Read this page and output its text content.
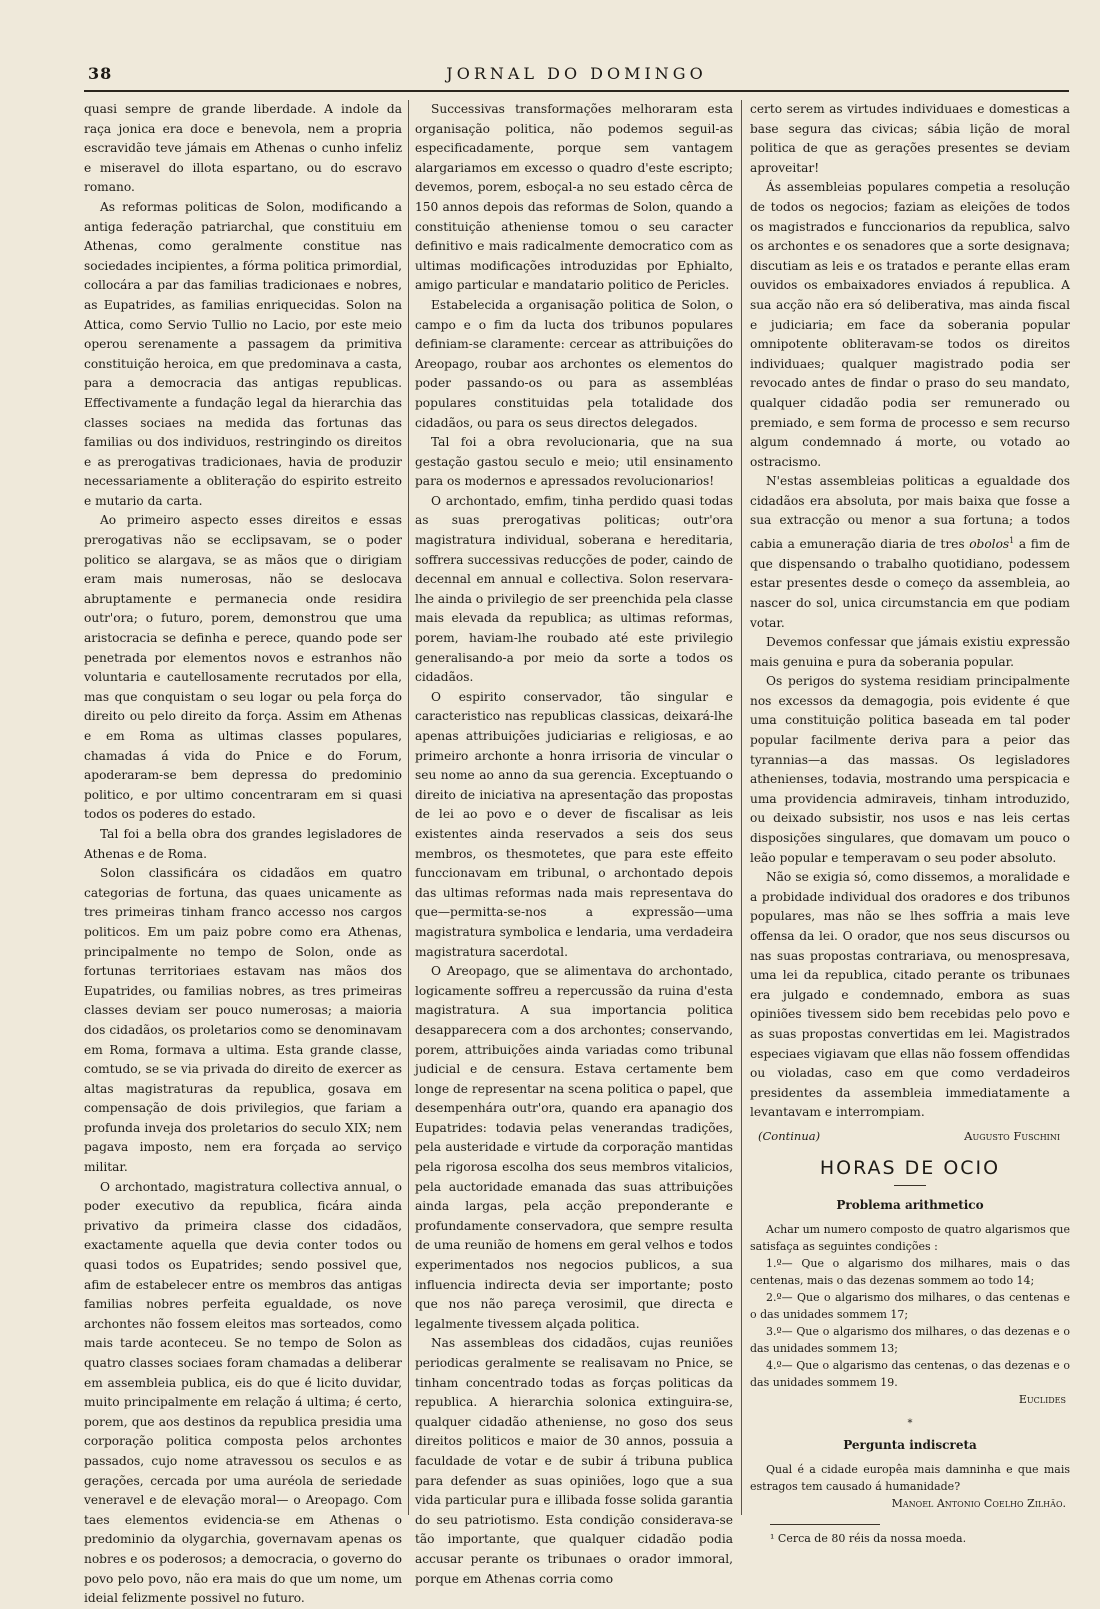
38	JORNAL DO DOMINGO

quasi sempre de grande liberdade. A indole da raça jonica era doce e benevola, nem a propria escravidão teve jámais em Athenas o cunho infeliz e miseravel do illota espartano, ou do escravo romano.

As reformas politicas de Solon, modificando a antiga federação patriarchal, que constituiu em Athenas, como geralmente constitue nas sociedades incipientes, a fórma politica primordial, collocára a par das familias tradicionaes e nobres, as Eupatrides, as familias enriquecidas. Solon na Attica, como Servio Tullio no Lacio, por este meio operou serenamente a passagem da primitiva constituição heroica, em que predominava a casta, para a democracia das antigas republicas. Effectivamente a fundação legal da hierarchia das classes sociaes na medida das fortunas das familias ou dos individuos, restringindo os direitos e as prerogativas tradicionaes, havia de produzir necessariamente a obliteração do espirito estreito e mutario da carta.

Ao primeiro aspecto esses direitos e essas prerogativas não se ecclipsavam, se o poder politico se alargava, se as mãos que o dirigiam eram mais numerosas, não se deslocava abruptamente e permanecia onde residira outr'ora; o futuro, porem, demonstrou que uma aristocracia se definha e perece, quando pode ser penetrada por elementos novos e estranhos não voluntaria e cautellosamente recrutados por ella, mas que conquistam o seu logar ou pela força do direito ou pelo direito da força. Assim em Athenas e em Roma as ultimas classes populares, chamadas á vida do Pnice e do Forum, apoderaram-se bem depressa do predominio politico, e por ultimo concentraram em si quasi todos os poderes do estado.

Tal foi a bella obra dos grandes legisladores de Athenas e de Roma.

Solon classificára os cidadãos em quatro categorias de fortuna, das quaes unicamente as tres primeiras tinham franco accesso nos cargos politicos. Em um paiz pobre como era Athenas, principalmente no tempo de Solon, onde as fortunas territoriaes estavam nas mãos dos Eupatrides, ou familias nobres, as tres primeiras classes deviam ser pouco numerosas; a maioria dos cidadãos, os proletarios como se denominavam em Roma, formava a ultima. Esta grande classe, comtudo, se se via privada do direito de exercer as altas magistraturas da republica, gosava em compensação de dois privilegios, que fariam a profunda inveja dos proletarios do seculo XIX; nem pagava imposto, nem era forçada ao serviço militar.

O archontado, magistratura collectiva annual, o poder executivo da republica, ficára ainda privativo da primeira classe dos cidadãos, exactamente aquella que devia conter todos ou quasi todos os Eupatrides; sendo possivel que, afim de estabelecer entre os membros das antigas familias nobres perfeita egualdade, os nove archontes não fossem eleitos mas sorteados, como mais tarde aconteceu. Se no tempo de Solon as quatro classes sociaes foram chamadas a deliberar em assembleia publica, eis do que é licito duvidar, muito principalmente em relação á ultima; é certo, porem, que aos destinos da republica presidia uma corporação politica composta pelos archontes passados, cujo nome atravessou os seculos e as gerações, cercada por uma auréola de seriedade veneravel e de elevação moral— o Areopago. Com taes elementos evidencia-se em Athenas o predominio da olygarchia, governavam apenas os nobres e os poderosos; a democracia, o governo do povo pelo povo, não era mais do que um nome, um ideial felizmente possivel no futuro.

Successivas transformações melhoraram esta organisação politica, não podemos seguil-as especificadamente, porque sem vantagem alargariamos em excesso o quadro d'este escripto; devemos, porem, esboçal-a no seu estado cêrca de 150 annos depois das reformas de Solon, quando a constituição atheniense tomou o seu caracter definitivo e mais radicalmente democratico com as ultimas modificações introduzidas por Ephialto, amigo particular e mandatario politico de Pericles.

Estabelecida a organisação politica de Solon, o campo e o fim da lucta dos tribunos populares definiam-se claramente: cercear as attribuições do Areopago, roubar aos archontes os elementos do poder passando-os ou para as assembléas populares constituidas pela totalidade dos cidadãos, ou para os seus directos delegados.

Tal foi a obra revolucionaria, que na sua gestação gastou seculo e meio; util ensinamento para os modernos e apressados revolucionarios!

O archontado, emfim, tinha perdido quasi todas as suas prerogativas politicas; outr'ora magistratura individual, soberana e hereditaria, soffrera successivas reducções de poder, caindo de decennal em annual e collectiva. Solon reservara-lhe ainda o privilegio de ser preenchida pela classe mais elevada da republica; as ultimas reformas, porem, haviam-lhe roubado até este privilegio generalisando-a por meio da sorte a todos os cidadãos.

O espirito conservador, tão singular e caracteristico nas republicas classicas, deixará-lhe apenas attribuições judiciarias e religiosas, e ao primeiro archonte a honra irrisoria de vincular o seu nome ao anno da sua gerencia. Exceptuando o direito de iniciativa na apresentação das propostas de lei ao povo e o dever de fiscalisar as leis existentes ainda reservados a seis dos seus membros, os thesmotetes, que para este effeito funccionavam em tribunal, o archontado depois das ultimas reformas nada mais representava do que—permitta-se-nos a expressão—uma magistratura symbolica e lendaria, uma verdadeira magistratura sacerdotal.

O Areopago, que se alimentava do archontado, logicamente soffreu a repercussão da ruina d'esta magistratura. A sua importancia politica desapparecera com a dos archontes; conservando, porem, attribuições ainda variadas como tribunal judicial e de censura. Estava certamente bem longe de representar na scena politica o papel, que desempenhára outr'ora, quando era apanagio dos Eupatrides: todavia pelas venerandas tradições, pela austeridade e virtude da corporação mantidas pela rigorosa escolha dos seus membros vitalicios, pela auctoridade emanada das suas attribuições ainda largas, pela acção preponderante e profundamente conservadora, que sempre resulta de uma reunião de homens em geral velhos e todos experimentados nos negocios publicos, a sua influencia indirecta devia ser importante; posto que nos não pareça verosimil, que directa e legalmente tivessem alçada politica.

Nas assembleas dos cidadãos, cujas reuniões periodicas geralmente se realisavam no Pnice, se tinham concentrado todas as forças politicas da republica. A hierarchia solonica extinguira-se, qualquer cidadão atheniense, no goso dos seus direitos politicos e maior de 30 annos, possuia a faculdade de votar e de subir á tribuna publica para defender as suas opiniões, logo que a sua vida particular pura e illibada fosse solida garantia do seu patriotismo. Esta condição considerava-se tão importante, que qualquer cidadão podia accusar perante os tribunaes o orador immoral, porque em Athenas corria como

certo serem as virtudes individuaes e domesticas a base segura das civicas; sábia lição de moral politica de que as gerações presentes se deviam aproveitar!

Ás assembleias populares competia a resolução de todos os negocios; faziam as eleições de todos os magistrados e funccionarios da republica, salvo os archontes e os senadores que a sorte designava; discutiam as leis e os tratados e perante ellas eram ouvidos os embaixadores enviados á republica. A sua acção não era só deliberativa, mas ainda fiscal e judiciaria; em face da soberania popular omnipotente obliteravam-se todos os direitos individuaes; qualquer magistrado podia ser revocado antes de findar o praso do seu mandato, qualquer cidadão podia ser remunerado ou premiado, e sem forma de processo e sem recurso algum condemnado á morte, ou votado ao ostracismo.

N'estas assembleias politicas a egualdade dos cidadãos era absoluta, por mais baixa que fosse a sua extracção ou menor a sua fortuna; a todos cabia a emuneração diaria de tres obolos$^1$ a fim de que dispensando o trabalho quotidiano, podessem estar presentes desde o começo da assembleia, ao nascer do sol, unica circumstancia em que podiam votar.

Devemos confessar que jámais existiu expressão mais genuina e pura da soberania popular.

Os perigos do systema residiam principalmente nos excessos da demagogia, pois evidente é que uma constituição politica baseada em tal poder popular facilmente deriva para a peior das tyrannias—a das massas. Os legisladores athenienses, todavia, mostrando uma perspicacia e uma providencia admiraveis, tinham introduzido, ou deixado subsistir, nos usos e nas leis certas disposições singulares, que domavam um pouco o leão popular e temperavam o seu poder absoluto.

Não se exigia só, como dissemos, a moralidade e a probidade individual dos oradores e dos tribunos populares, mas não se lhes soffria a mais leve offensa da lei. O orador, que nos seus discursos ou nas suas propostas contrariava, ou menospresava, uma lei da republica, citado perante os tribunaes era julgado e condemnado, embora as suas opiniões tivessem sido bem recebidas pelo povo e as suas propostas convertidas em lei. Magistrados especiaes vigiavam que ellas não fossem offendidas ou violadas, caso em que como verdadeiros presidentes da assembleia immediatamente a levantavam e interrompiam.

(Continua)	Augusto Fuschini
HORAS DE OCIO
Problema arithmetico

Achar um numero composto de quatro algarismos que satisfaça as seguintes condições :

1.º— Que o algarismo dos milhares, mais o das centenas, mais o das dezenas sommem ao todo 14;

2.º— Que o algarismo dos milhares, o das centenas e o das unidades sommem 17;

3.º— Que o algarismo dos milhares, o das dezenas e o das unidades sommem 13;

4.º— Que o algarismo das centenas, o das dezenas e o das unidades sommem 19.

Euclides
*
Pergunta indiscreta

Qual é a cidade europêa mais damninha e que mais estragos tem causado á humanidade?

Manoel Antonio Coelho Zilhão.
¹ Cerca de 80 réis da nossa moeda.
